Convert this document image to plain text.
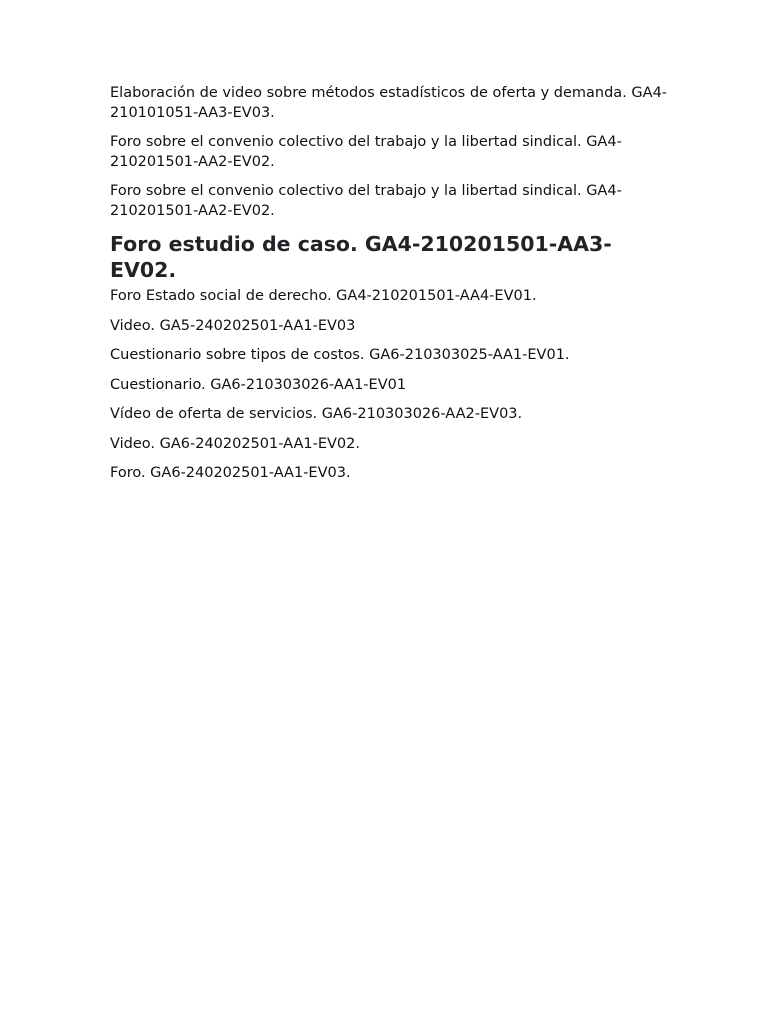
Elaboración de video sobre métodos estadísticos de oferta y demanda. GA4-210101051-AA3-EV03.

Foro sobre el convenio colectivo del trabajo y la libertad sindical. GA4-210201501-AA2-EV02.

Foro sobre el convenio colectivo del trabajo y la libertad sindical. GA4-210201501-AA2-EV02.

Foro estudio de caso. GA4-210201501-AA3-EV02.

Foro Estado social de derecho. GA4-210201501-AA4-EV01.

Video. GA5-240202501-AA1-EV03

Cuestionario sobre tipos de costos. GA6-210303025-AA1-EV01.

Cuestionario. GA6-210303026-AA1-EV01

Vídeo de oferta de servicios. GA6-210303026-AA2-EV03.

Video. GA6-240202501-AA1-EV02.

Foro. GA6-240202501-AA1-EV03.
